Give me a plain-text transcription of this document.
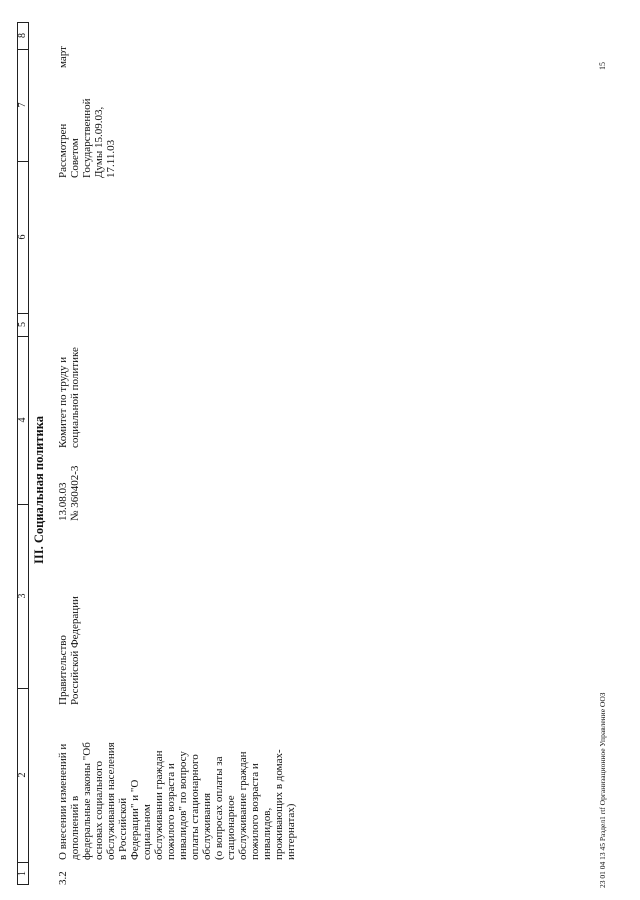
1
2
3
4
5
6
7
8
III. Социальная политика
3.2
О внесении изменений и
дополнений в
федеральные законы "Об
основах социального
обслуживания населения
в Российской
Федерации" и "О
социальном
обслуживании граждан
пожилого возраста и
инвалидов" по вопросу
оплаты стационарного
обслуживания
(о вопросах оплаты за
стационарное
обслуживание граждан
пожилого возраста и
инвалидов,
проживающих в домах-
интернатах)
Правительство
Российской Федерации
13.08.03
№ 360402-3
Комитет по труду и
социальной политике
Рассмотрен
Советом
Государственной
Думы 15.09.03,
17.11.03
март
23 01 04 13 45 Раздел1 rtf Организационное Управление ООЗ
15
